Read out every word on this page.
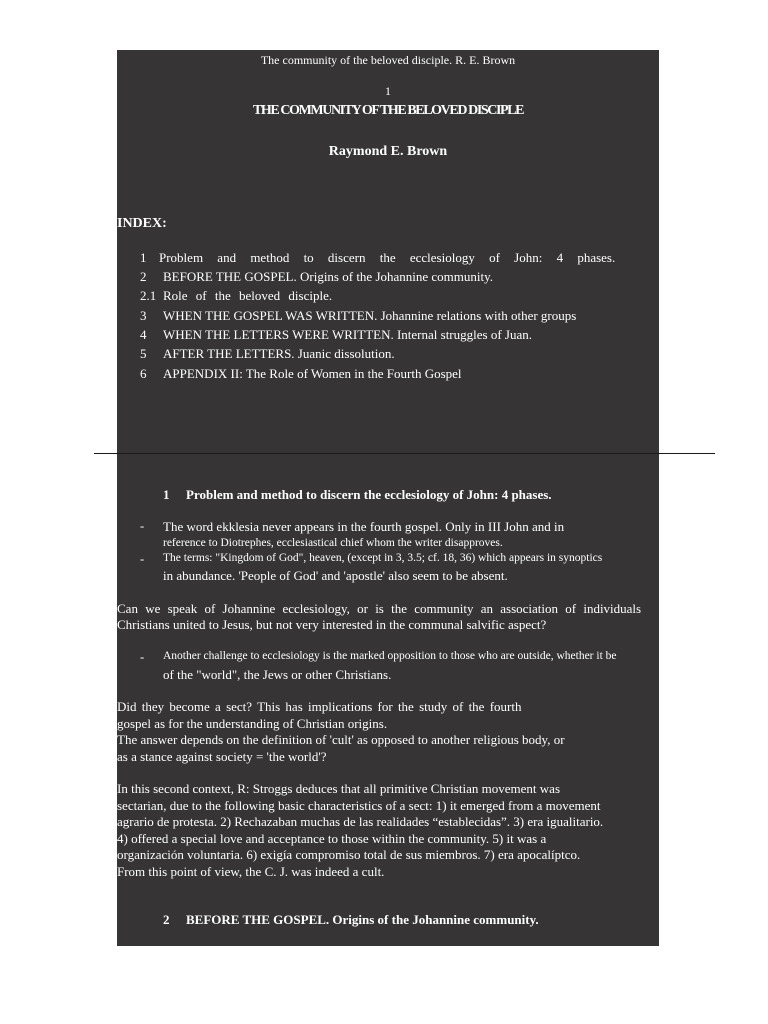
The community of the beloved disciple. R. E. Brown
1
THE COMMUNITY OF THE BELOVED DISCIPLE
Raymond E. Brown
INDEX:
1 Problem and method to discern the ecclesiology of John: 4 phases.
2 BEFORE THE GOSPEL. Origins of the Johannine community.
2.1 Role of the beloved disciple.
3 WHEN THE GOSPEL WAS WRITTEN. Johannine relations with other groups
4 WHEN THE LETTERS WERE WRITTEN. Internal struggles of Juan.
5 AFTER THE LETTERS. Juanic dissolution.
6 APPENDIX II: The Role of Women in the Fourth Gospel
1 Problem and method to discern the ecclesiology of John: 4 phases.
- The word ekklesia never appears in the fourth gospel. Only in III John and in
reference to Diotrephes, ecclesiastical chief whom the writer disapproves.
- The terms: "Kingdom of God", heaven, (except in 3, 3.5; cf. 18, 36) which appears in synoptics
in abundance. 'People of God' and 'apostle' also seem to be absent.
Can we speak of Johannine ecclesiology, or is the community an association of individuals
Christians united to Jesus, but not very interested in the communal salvific aspect?
- Another challenge to ecclesiology is the marked opposition to those who are outside, whether it be
of the "world", the Jews or other Christians.
Did they become a sect? This has implications for the study of the fourth
gospel as for the understanding of Christian origins.
The answer depends on the definition of 'cult' as opposed to another religious body, or
as a stance against society = 'the world'?
In this second context, R: Stroggs deduces that all primitive Christian movement was
sectarian, due to the following basic characteristics of a sect: 1) it emerged from a movement
agrario de protesta. 2) Rechazaban muchas de las realidades “establecidas”. 3) era igualitario.
4) offered a special love and acceptance to those within the community. 5) it was a
organización voluntaria. 6) exigía compromiso total de sus miembros. 7) era apocalíptco.
From this point of view, the C. J. was indeed a cult.
2 BEFORE THE GOSPEL. Origins of the Johannine community.
